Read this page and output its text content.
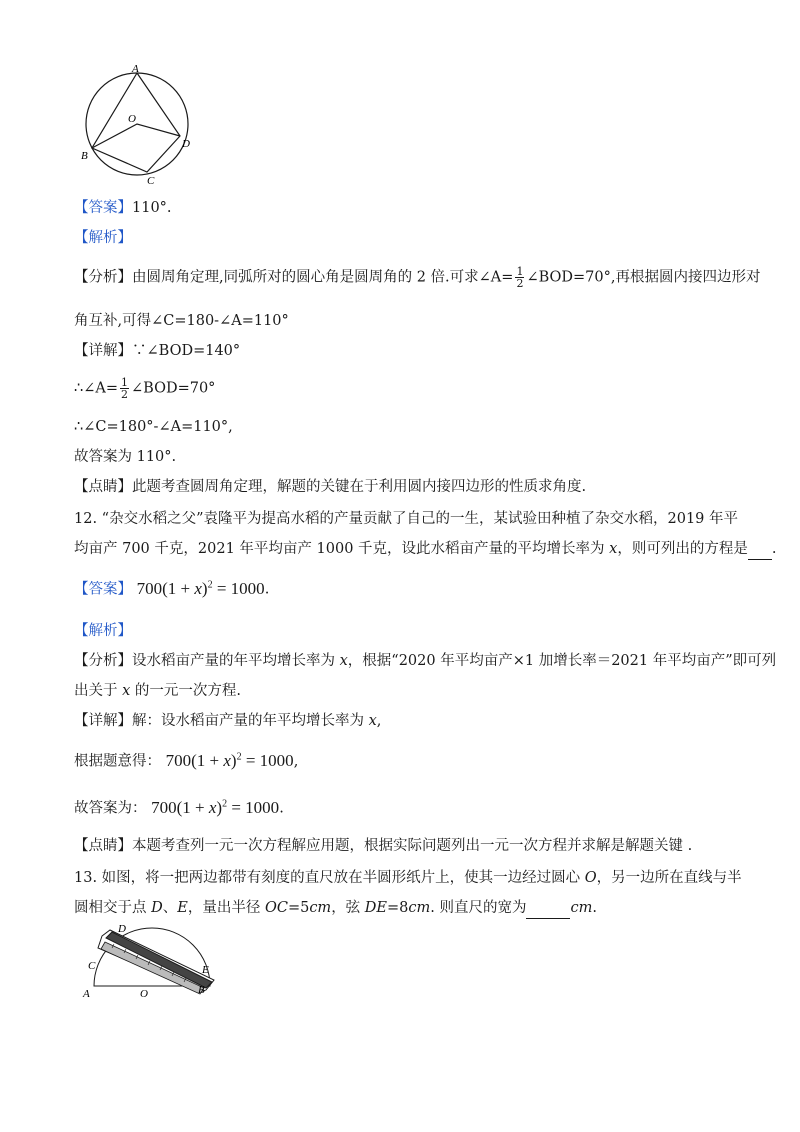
A
O
B
C
D
【答案】110°.
【解析】
【分析】由圆周角定理,同弧所对的圆心角是圆周角的 2 倍.可求∠A= $\frac{1}{2}$ ∠BOD=70°,再根据圆内接四边形对
角互补,可得∠C=180-∠A=110°
【详解】∵∠BOD=140°
∴∠A= $\frac{1}{2}$ ∠BOD=70°
∴∠C=180°-∠A=110°,
故答案为 110°.
【点睛】此题考查圆周角定理，解题的关键在于利用圆内接四边形的性质求角度.
12. “杂交水稻之父”袁隆平为提高水稻的产量贡献了自己的一生，某试验田种植了杂交水稻，2019 年平
均亩产 700 千克，2021 年平均亩产 1000 千克，设此水稻亩产量的平均增长率为 x，则可列出的方程是 .
【答案】 $700(1 + x)^2 = 1000$.
【解析】
【分析】设水稻亩产量的年平均增长率为 x，根据“2020 年平均亩产×1 加增长率＝2021 年平均亩产”即可列
出关于 x 的一元一次方程.
【详解】解：设水稻亩产量的年平均增长率为 x,
根据题意得： $700(1 + x)^2 = 1000$,
故答案为： $700(1 + x)^2 = 1000$.
【点睛】本题考查列一元一次方程解应用题，根据实际问题列出一元一次方程并求解是解题关键 .
13. 如图，将一把两边都带有刻度的直尺放在半圆形纸片上，使其一边经过圆心 O，另一边所在直线与半
圆相交于点 D、E，量出半径 OC=5cm，弦 DE=8cm. 则直尺的宽为	cm.
A
C
D
O
E
B
